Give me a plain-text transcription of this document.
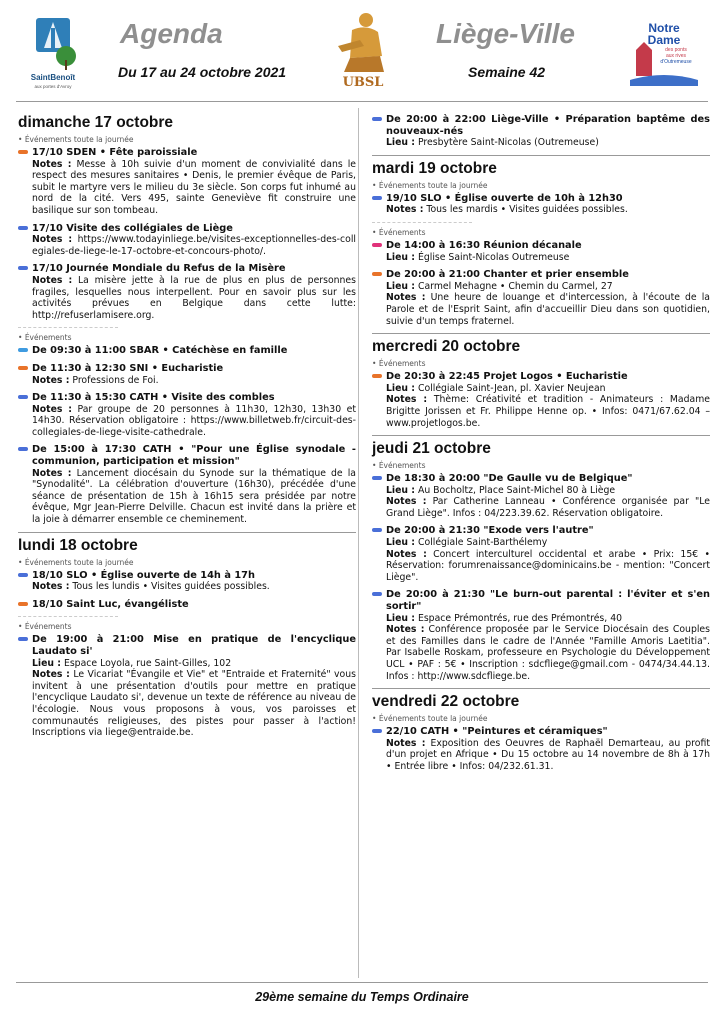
SaintBenoît
aux portes d'Avroy
Agenda
Du 17 au 24 octobre 2021
UBSL
Liège-Ville
Semaine 42
Notre
Dame
des ponts
aux rives
d'Outremeuse
dimanche 17 octobre
• Événements toute la journée
17/10 SDEN • Fête paroissiale
Notes : Messe à 10h suivie d'un moment de convivialité dans le respect des mesures sanitaires • Denis, le premier évêque de Paris, subit le martyre vers le milieu du 3e siècle. Son corps fut inhumé au nord de la cité. Vers 495, sainte Geneviève fit construire une basilique sur son tombeau.
17/10 Visite des collégiales de Liège
Notes : https://www.todayinliege.be/visites-exceptionnelles-des-collegiales-de-liege-le-17-octobre-et-concours-photo/.
17/10 Journée Mondiale du Refus de la Misère
Notes : La misère jette à la rue de plus en plus de personnes fragiles, lesquelles nous interpellent. Pour en savoir plus sur les activités prévues en Belgique dans cette lutte: http://refuserlamisere.org.
• Événements
De 09:30 à 11:00 SBAR • Catéchèse en famille
De 11:30 à 12:30 SNI • Eucharistie
Notes : Professions de Foi.
De 11:30 à 15:30 CATH • Visite des combles
Notes : Par groupe de 20 personnes à 11h30, 12h30, 13h30 et 14h30. Réservation obligatoire : https://www.billetweb.fr/circuit-des-collegiales-de-liege-visite-cathedrale.
De 15:00 à 17:30 CATH • "Pour une Église synodale - communion, participation et mission"
Notes : Lancement diocésain du Synode sur la thématique de la "Synodalité". La célébration d'ouverture (16h30), précédée d'une séance de présentation de 15h à 16h15 sera présidée par notre évêque, Mgr Jean-Pierre Delville. Chacun est invité dans la prière et la joie à démarrer ensemble ce cheminement.
lundi 18 octobre
• Événements toute la journée
18/10 SLO • Église ouverte de 14h à 17h
Notes : Tous les lundis • Visites guidées possibles.
18/10 Saint Luc, évangéliste
• Événements
De 19:00 à 21:00 Mise en pratique de l'encyclique Laudato si'
Lieu : Espace Loyola, rue Saint-Gilles, 102
Notes : Le Vicariat "Évangile et Vie" et "Entraide et Fraternité" vous invitent à une présentation d'outils pour mettre en pratique l'encyclique Laudato si', devenue un texte de référence au niveau de l'écologie. Nous vous proposons à vous, vos paroisses et communautés religieuses, des pistes pour passer à l'action! Inscriptions via liege@entraide.be.
De 20:00 à 22:00 Liège-Ville • Préparation baptême des nouveaux-nés
Lieu : Presbytère Saint-Nicolas (Outremeuse)
mardi 19 octobre
• Événements toute la journée
19/10 SLO • Église ouverte de 10h à 12h30
Notes : Tous les mardis • Visites guidées possibles.
• Événements
De 14:00 à 16:30 Réunion décanale
Lieu : Église Saint-Nicolas Outremeuse
De 20:00 à 21:00 Chanter et prier ensemble
Lieu : Carmel Mehagne • Chemin du Carmel, 27
Notes : Une heure de louange et d'intercession, à l'écoute de la Parole et de l'Esprit Saint, afin d'accueillir Dieu dans son quotidien, suivie d'un temps fraternel.
mercredi 20 octobre
• Événements
De 20:30 à 22:45 Projet Logos • Eucharistie
Lieu : Collégiale Saint-Jean, pl. Xavier Neujean
Notes : Thème: Créativité et tradition - Animateurs : Madame Brigitte Jorissen et Fr. Philippe Henne op. • Infos: 0471/67.62.04 – www.projetlogos.be.
jeudi 21 octobre
• Événements
De 18:30 à 20:00 "De Gaulle vu de Belgique"
Lieu : Au Bocholtz, Place Saint-Michel 80 à Liège
Notes : Par Catherine Lanneau • Conférence organisée par "Le Grand Liège". Infos : 04/223.39.62. Réservation obligatoire.
De 20:00 à 21:30 "Exode vers l'autre"
Lieu : Collégiale Saint-Barthélemy
Notes : Concert interculturel occidental et arabe • Prix: 15€ • Réservation: forumrenaissance@dominicains.be - mention: "Concert Liège".
De 20:00 à 21:30 "Le burn-out parental : l'éviter et s'en sortir"
Lieu : Espace Prémontrés, rue des Prémontrés, 40
Notes : Conférence proposée par le Service Diocésain des Couples et des Familles dans le cadre de l'Année "Famille Amoris Laetitia". Par Isabelle Roskam, professeure en Psychologie du Développement UCL • PAF : 5€ • Inscription : sdcfliege@gmail.com - 0474/34.44.13. Infos : http://www.sdcfliege.be.
vendredi 22 octobre
• Événements toute la journée
22/10 CATH • "Peintures et céramiques"
Notes : Exposition des Oeuvres de Raphaël Demarteau, au profit d'un projet en Afrique • Du 15 octobre au 14 novembre de 8h à 17h • Entrée libre • Infos: 04/232.61.31.
29ème semaine du Temps Ordinaire
